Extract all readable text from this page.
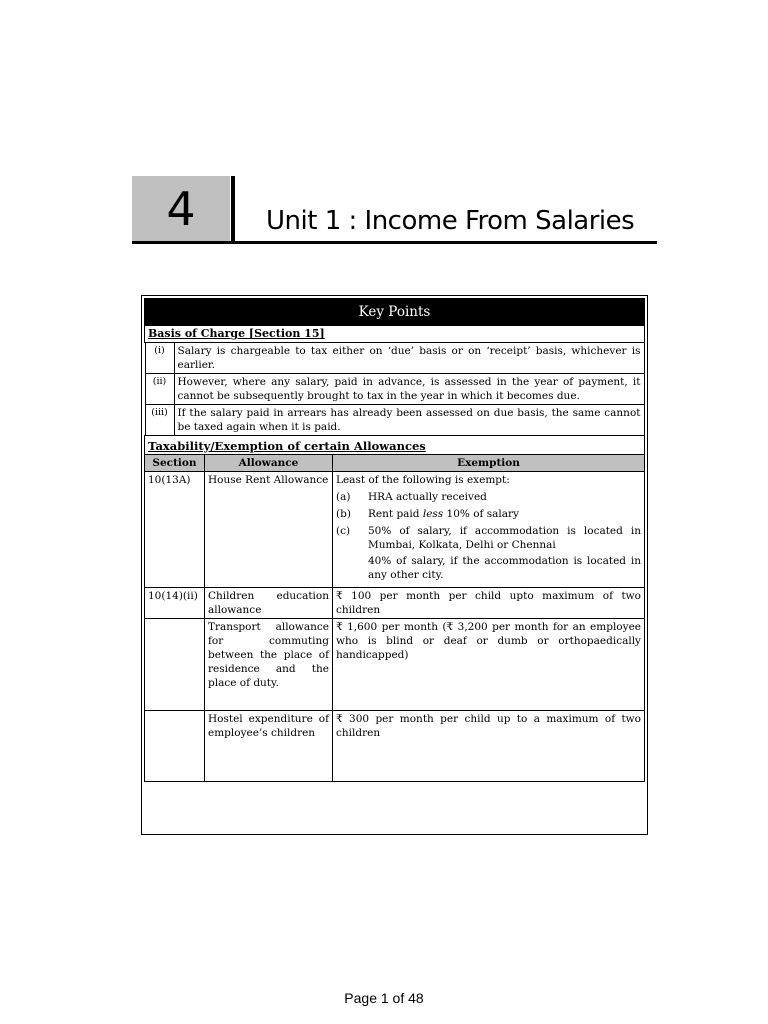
4	Unit 1 : Income From Salaries
Key Points
Basis of Charge [Section 15]

(i)	Salary is chargeable to tax either on ‘due’ basis or on ‘receipt’ basis, whichever is earlier.
(ii)	However, where any salary, paid in advance, is assessed in the year of payment, it cannot be subsequently brought to tax in the year in which it becomes due.
(iii)	If the salary paid in arrears has already been assessed on due basis, the same cannot be taxed again when it is paid.

Taxability/Exemption of certain Allowances
Section	Allowance	Exemption
10(13A)	House Rent Allowance	Least of the following is exempt:
(a)	HRA actually received
(b)	Rent paid less 10% of salary
(c)	50% of salary, if accommodation is located in Mumbai, Kolkata, Delhi or Chennai
40% of salary, if the accommodation is located in any other city.

10(14)(ii)	Children education allowance	₹ 100 per month per child upto maximum of two children
	Transport allowance for commuting between the place of residence and the place of duty.	₹ 1,600 per month (₹ 3,200 per month for an employee who is blind or deaf or dumb or orthopaedically handicapped)
	Hostel expenditure of employee’s children	₹ 300 per month per child up to a maximum of two children
Page 1 of 48
